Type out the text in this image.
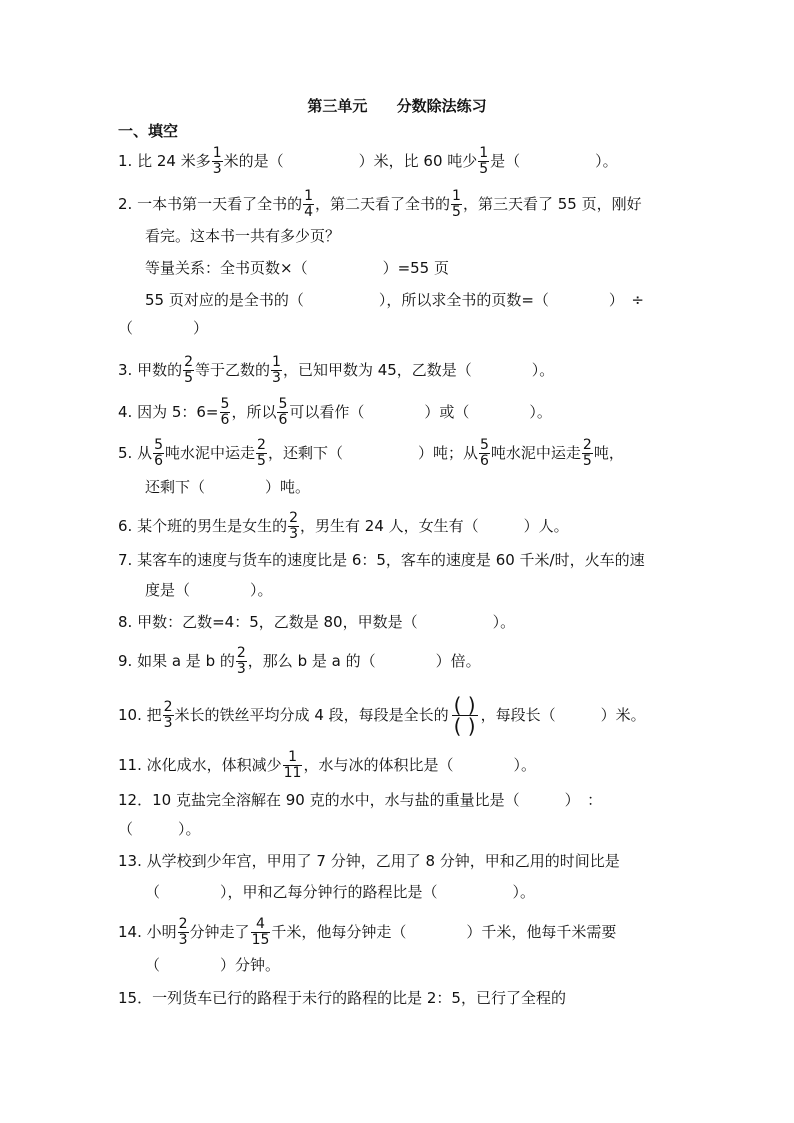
第三单元 分数除法练习
一、填空
1. 比 24 米多 $\frac{1}{3}$ 米的是（　　　　　）米，比 60 吨少 $\frac{1}{5}$ 是（　　　　　）。
2. 一本书第一天看了全书的 $\frac{1}{4}$ ，第二天看了全书的 $\frac{1}{5}$ ，第三天看了 55 页，刚好
看完。这本书一共有多少页？
等量关系：全书页数×（　　　　　）=55 页
55 页对应的是全书的（　　　　　），所以求全书的页数=（　　　　）　÷
（　　　　）
3. 甲数的 $\frac{2}{5}$ 等于乙数的 $\frac{1}{3}$ ，已知甲数为 45，乙数是（　　　　）。
4. 因为 5：$6= \frac{5}{6}$ ，所以 $\frac{5}{6}$ 可以看作（　　　　）或（　　　　）。
5. 从 $\frac{5}{6}$ 吨水泥中运走 $\frac{2}{5}$ ，还剩下（　　　　　）吨；从 $\frac{5}{6}$ 吨水泥中运走 $\frac{2}{5}$ 吨，
还剩下（　　　　）吨。
6. 某个班的男生是女生的 $\frac{2}{3}$ ，男生有 24 人，女生有（　　　）人。
7. 某客车的速度与货车的速度比是 6：5，客车的速度是 60 千米/时，火车的速
度是（　　　　）。
8. 甲数：乙数=4：5，乙数是 80，甲数是（　　　　　）。
9. 如果 a 是 b 的 $\frac{2}{3}$ ，那么 b 是 a 的（　　　　）倍。
10. 把 $\frac{2}{3}$ 米长的铁丝平均分成 4 段，每段是全长的 $\frac{( )}{( )}$ ，每段长（　　　）米。
11. 冰化成水，体积减少 $\frac{1}{11}$ ，水与冰的体积比是（　　　　）。
12．10 克盐完全溶解在 90 克的水中，水与盐的重量比是（　　　）　：
（　　　）。
13. 从学校到少年宫，甲用了 7 分钟，乙用了 8 分钟，甲和乙用的时间比是
（　　　　），甲和乙每分钟行的路程比是（　　　　　）。
14. 小明 $\frac{2}{3}$ 分钟走了 $\frac{4}{15}$ 千米，他每分钟走（　　　　）千米，他每千米需要
（　　　　）分钟。
15．一列货车已行的路程于未行的路程的比是 2：5，已行了全程的
